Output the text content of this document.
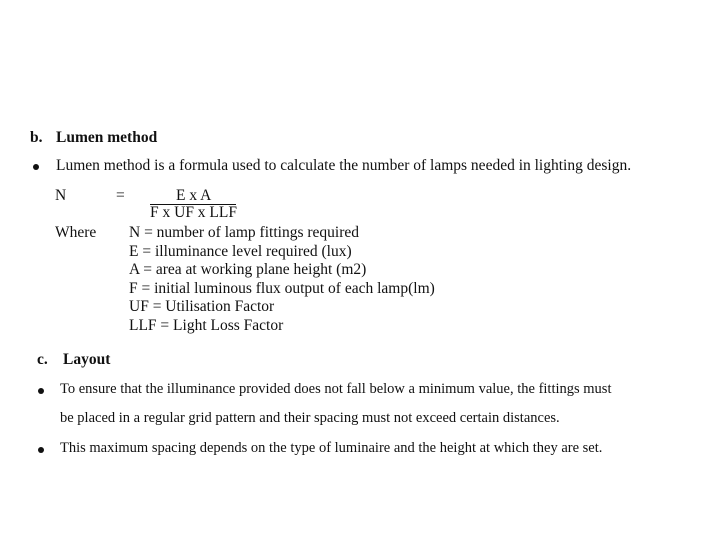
b. Lumen method
Lumen method is a formula used to calculate the number of lamps needed in lighting design.
N	=	E x A
F x UF x LLF
Where N = number of lamp fittings required
E = illuminance level required (lux)
A = area at working plane height (m2)
F = initial luminous flux output of each lamp(lm)
UF = Utilisation Factor
LLF = Light Loss Factor
c. Layout
To ensure that the illuminance provided does not fall below a minimum value, the fittings must
be placed in a regular grid pattern and their spacing must not exceed certain distances.
This maximum spacing depends on the type of luminaire and the height at which they are set.
